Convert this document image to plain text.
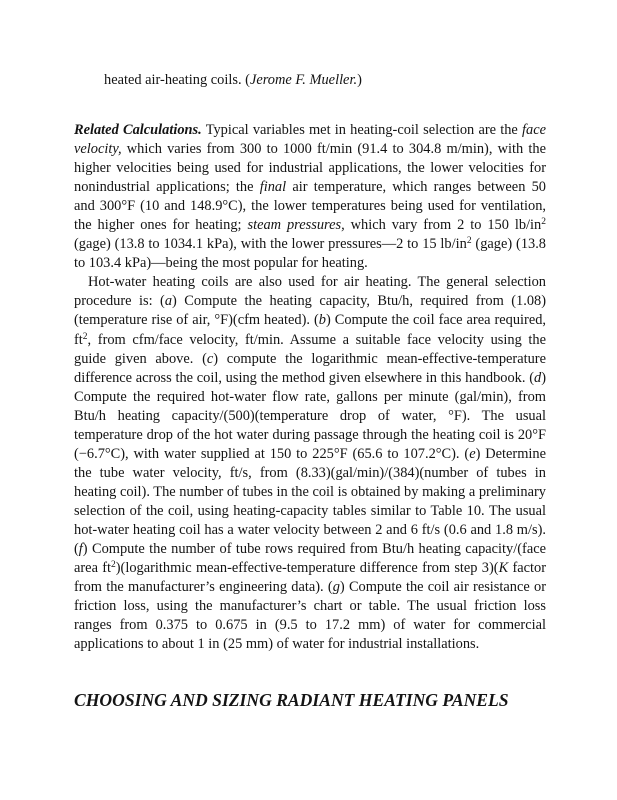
heated air-heating coils. (Jerome F. Mueller.)

Related Calculations. Typical variables met in heating-coil selection are the face velocity, which varies from 300 to 1000 ft/min (91.4 to 304.8 m/min), with the higher velocities being used for industrial applications, the lower velocities for nonindustrial applications; the final air temperature, which ranges between 50 and 300°F (10 and 148.9°C), the lower temperatures being used for ventilation, the higher ones for heating; steam pressures, which vary from 2 to 150 $lb/in^2$ (gage) (13.8 to 1034.1 kPa), with the lower pressures—2 to 15 $lb/in^2$ (gage) (13.8 to 103.4 kPa)—being the most popular for heating.

Hot-water heating coils are also used for air heating. The general selection procedure is: (a) Compute the heating capacity, Btu/h, required from (1.08)(temperature rise of air, °F)(cfm heated). (b) Compute the coil face area required, $ft^2$, from cfm/face velocity, ft/min. Assume a suitable face velocity using the guide given above. (c) compute the logarithmic mean-effective-temperature difference across the coil, using the method given elsewhere in this handbook. (d) Compute the required hot-water flow rate, gallons per minute (gal/min), from Btu/h heating capacity/(500)(temperature drop of water, °F). The usual temperature drop of the hot water during passage through the heating coil is 20°F (−6.7°C), with water supplied at 150 to 225°F (65.6 to 107.2°C). (e) Determine the tube water velocity, ft/s, from (8.33)(gal/min)/(384)(number of tubes in heating coil). The number of tubes in the coil is obtained by making a preliminary selection of the coil, using heating-capacity tables similar to Table 10. The usual hot-water heating coil has a water velocity between 2 and 6 ft/s (0.6 and 1.8 m/s). (f) Compute the number of tube rows required from Btu/h heating capacity/(face area $ft^2)(logarithmic$ mean-effective-temperature difference from step 3)(K factor from the manufacturer’s engineering data). (g) Compute the coil air resistance or friction loss, using the manufacturer’s chart or table. The usual friction loss ranges from 0.375 to 0.675 in (9.5 to 17.2 mm) of water for commercial applications to about 1 in (25 mm) of water for industrial installations.

CHOOSING AND SIZING RADIANT HEATING PANELS
